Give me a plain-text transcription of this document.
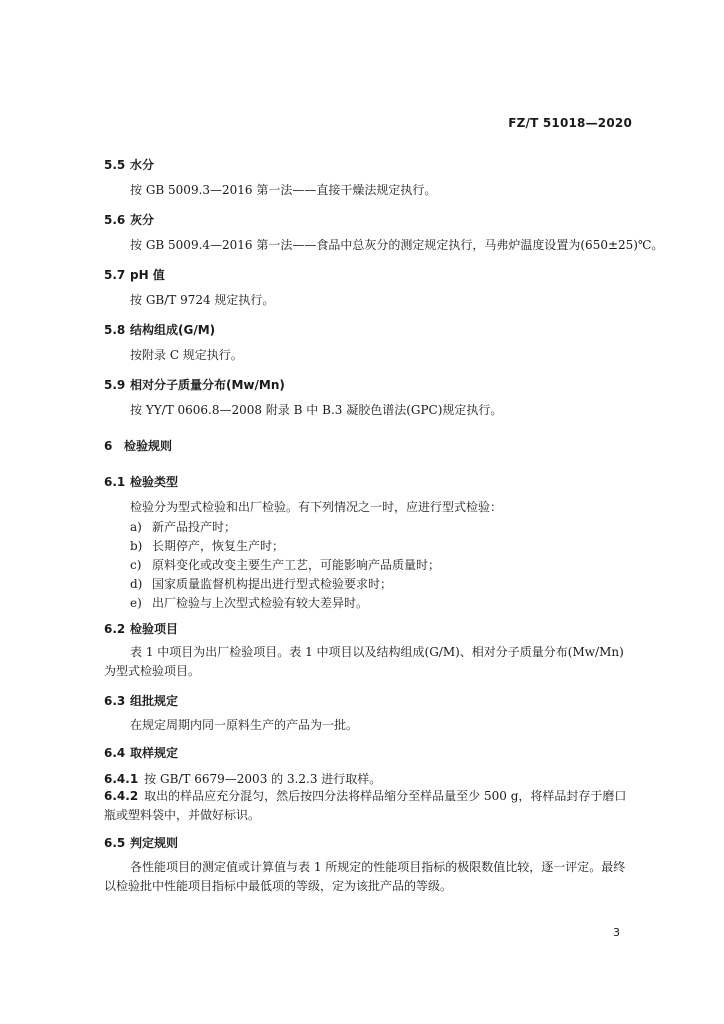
FZ/T 51018—2020
5.5 水分
按 GB 5009.3—2016 第一法——直接干燥法规定执行。
5.6 灰分
按 GB 5009.4—2016 第一法——食品中总灰分的测定规定执行，马弗炉温度设置为(650±25)℃。
5.7 pH 值
按 GB/T 9724 规定执行。
5.8 结构组成(G/M)
按附录 C 规定执行。
5.9 相对分子质量分布(Mw/Mn)
按 YY/T 0606.8—2008 附录 B 中 B.3 凝胶色谱法(GPC)规定执行。
6 检验规则
6.1 检验类型
检验分为型式检验和出厂检验。有下列情况之一时，应进行型式检验：
a) 新产品投产时；
b) 长期停产，恢复生产时；
c) 原料变化或改变主要生产工艺，可能影响产品质量时；
d) 国家质量监督机构提出进行型式检验要求时；
e) 出厂检验与上次型式检验有较大差异时。
6.2 检验项目
表 1 中项目为出厂检验项目。表 1 中项目以及结构组成(G/M)、相对分子质量分布(Mw/Mn)为型式检验项目。
6.3 组批规定
在规定周期内同一原料生产的产品为一批。
6.4 取样规定
6.4.1 按 GB/T 6679—2003 的 3.2.3 进行取样。
6.4.2 取出的样品应充分混匀，然后按四分法将样品缩分至样品量至少 500 g，将样品封存于磨口瓶或塑料袋中，并做好标识。
6.5 判定规则
各性能项目的测定值或计算值与表 1 所规定的性能项目指标的极限数值比较，逐一评定。最终以检验批中性能项目指标中最低项的等级，定为该批产品的等级。
3
